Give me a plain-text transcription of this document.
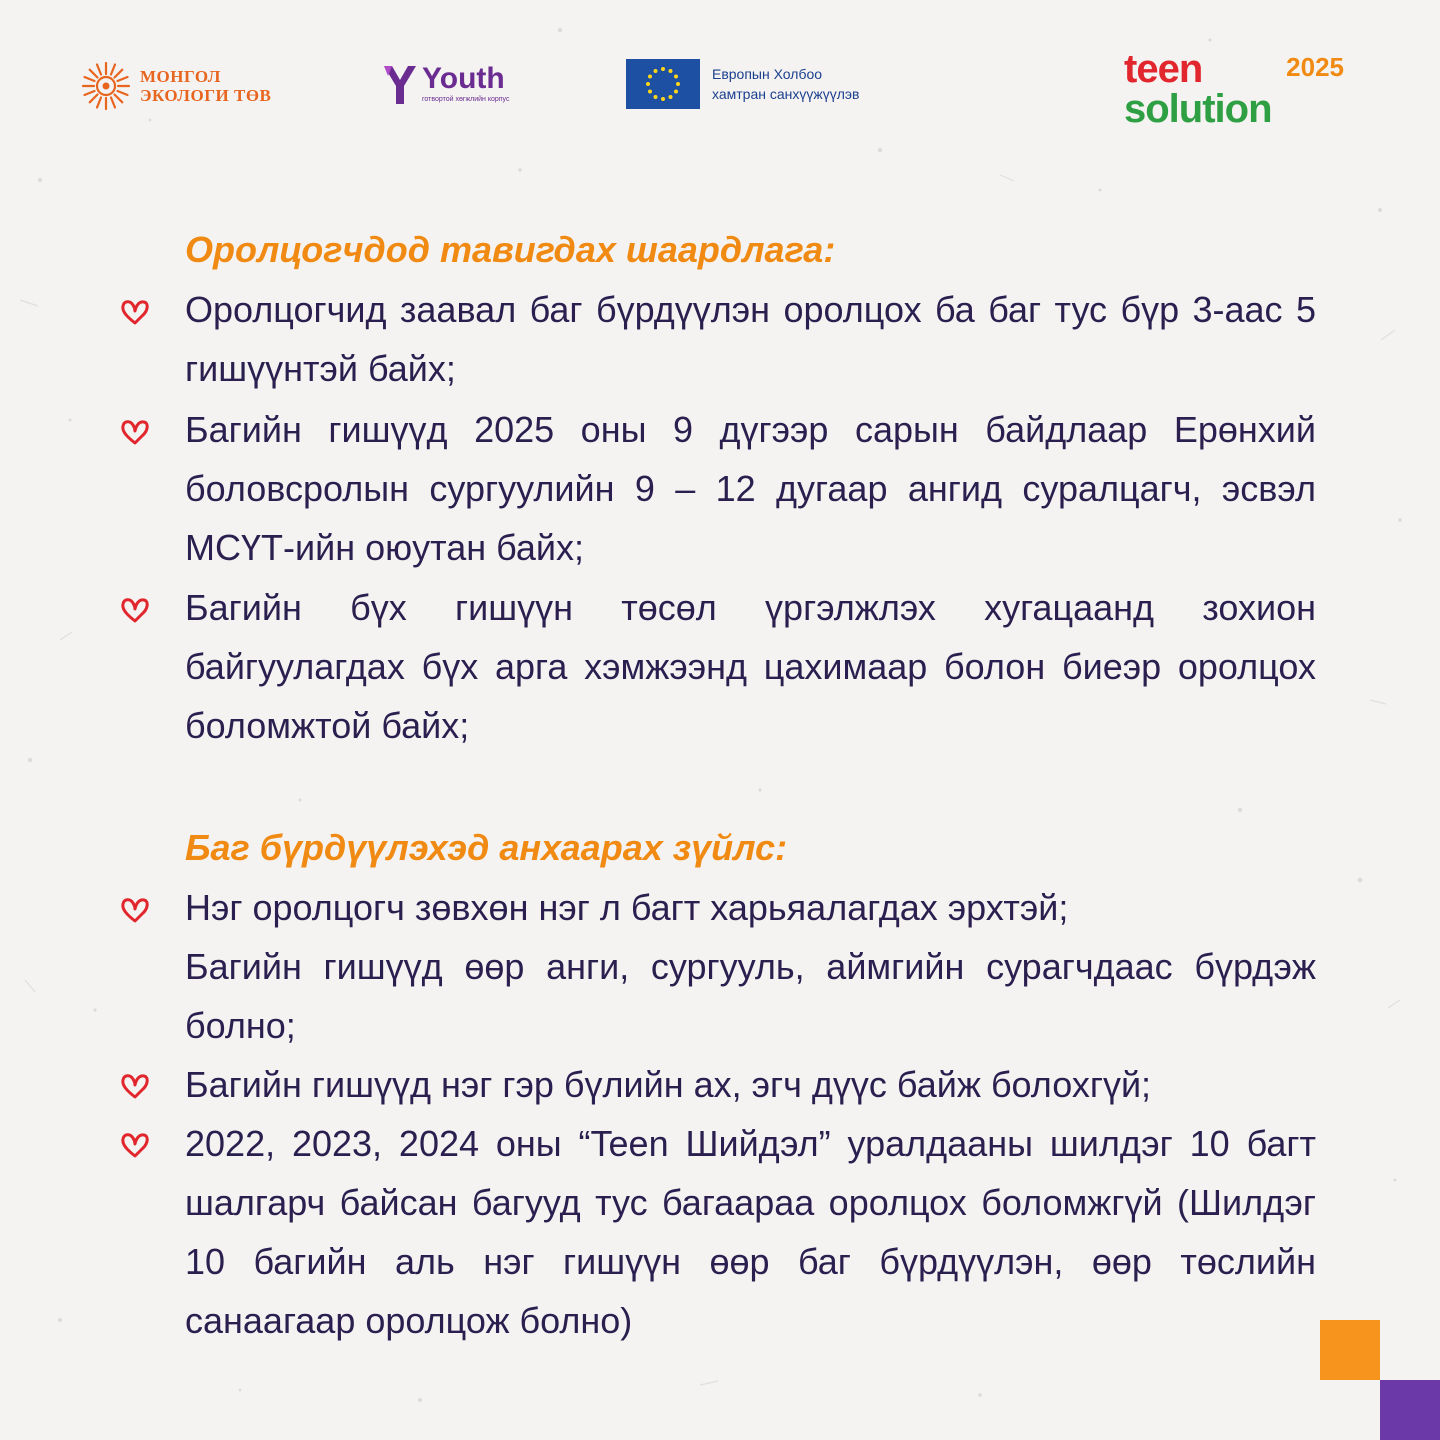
МОНГОЛ
ЭКОЛОГИ ТӨВ
Youth
готвортой хөгжлийн корпус
Европын Холбоо
хамтран санхүүжүүлэв
2025
teen
solution
Оролцогчдод тавигдах шаардлага:

Оролцогчид заавал баг бүрдүүлэн оролцох ба баг тус бүр 3-аас 5 гишүүнтэй байх;

Багийн гишүүд 2025 оны 9 дүгээр сарын байдлаар Ерөнхий боловсролын сургуулийн 9 – 12 дугаар ангид суралцагч, эсвэл МСҮТ-ийн оюутан байх;

Багийн бүх гишүүн төсөл үргэлжлэх хугацаанд зохион байгуулагдах бүх арга хэмжээнд цахимаар болон биеэр оролцох боломжтой байх;

Баг бүрдүүлэхэд анхаарах зүйлс:

Нэг оролцогч зөвхөн нэг л багт харьяалагдах эрхтэй;

Багийн гишүүд өөр анги, сургууль, аймгийн сурагчдаас бүрдэж болно;

Багийн гишүүд нэг гэр бүлийн ах, эгч дүүс байж болохгүй;

2022, 2023, 2024 оны “Teen Шийдэл” уралдааны шилдэг 10 багт шалгарч байсан багууд тус багаараа оролцох боломжгүй (Шилдэг 10 багийн аль нэг гишүүн өөр баг бүрдүүлэн, өөр төслийн санаагаар оролцож болно)
